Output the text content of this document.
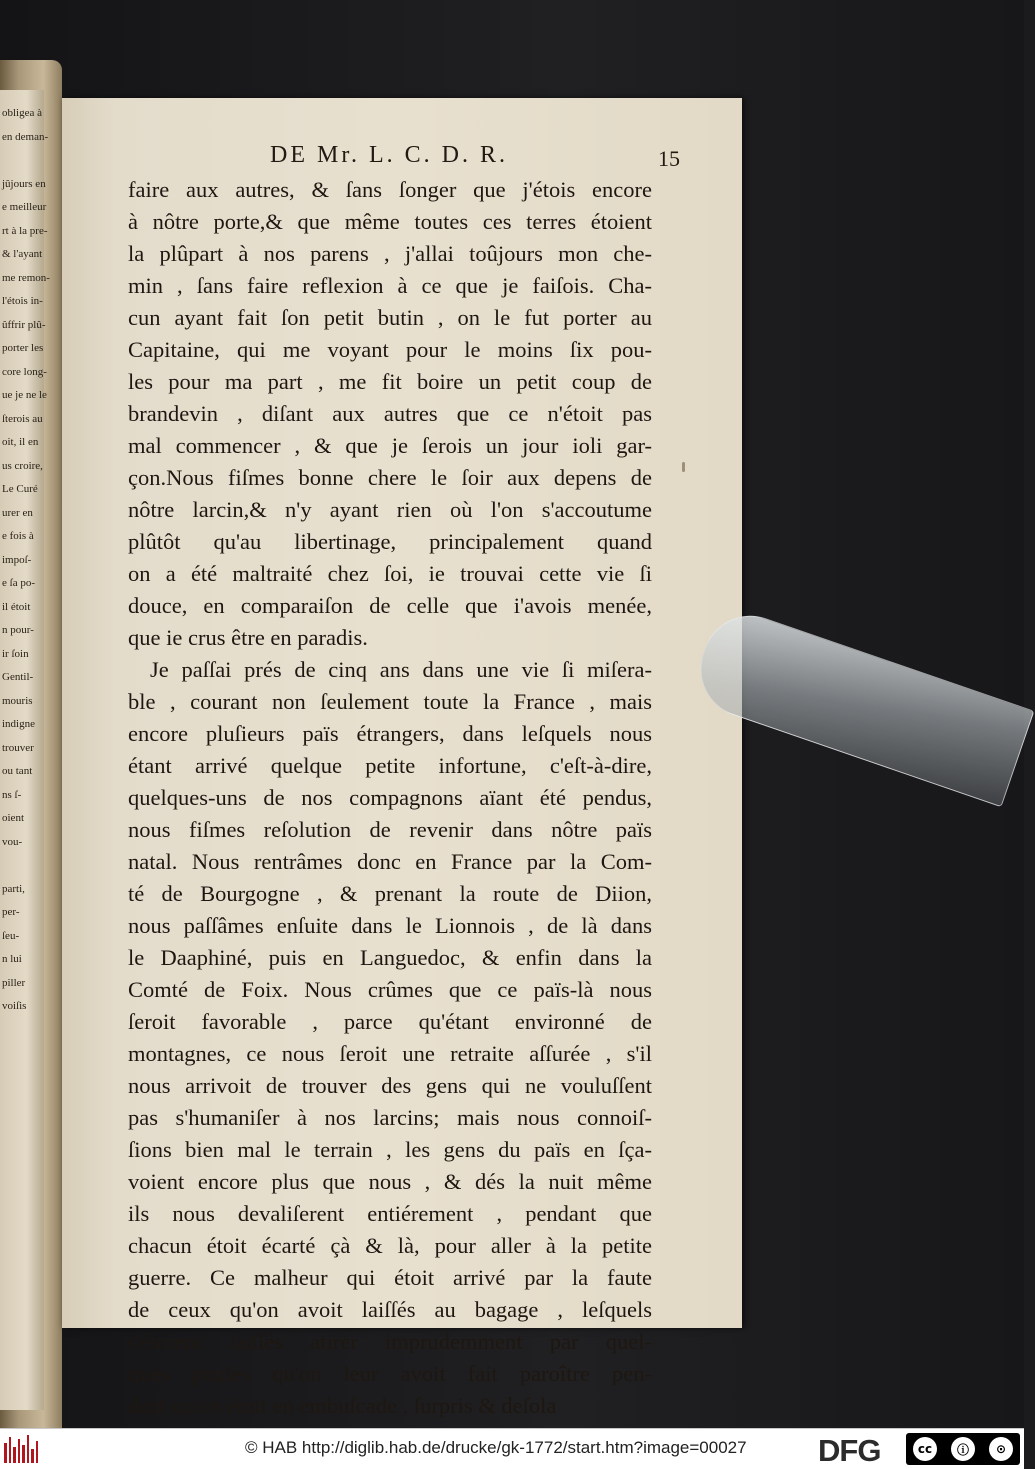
obligea à
en deman-
jûjours en
e meilleur
rt à la pre-
& l'ayant
me remon-
l'étois in-
ûffrir plû-
porter les
core long-
ue je ne le
ſterois au
oit, il en
us croire,
Le Curé
urer en
e fois à
impoſ-
e ſa po-
il étoit
n pour-
ir ſoin
Gentil-
mouris
indigne
trouver
ou tant
ns ſ-
oient
vou-
parti,
per-
ſeu-
n lui
piller
voiſis
DE Mr. L. C. D. R.	15
faire aux autres, & ſans ſonger que j'étois encore
à nôtre porte,& que même toutes ces terres étoient
la plûpart à nos parens , j'allai toûjours mon che-
min , ſans faire reflexion à ce que je faiſois. Cha-
cun ayant fait ſon petit butin , on le fut porter au
Capitaine, qui me voyant pour le moins ſix pou-
les pour ma part , me fit boire un petit coup de
brandevin , diſant aux autres que ce n'étoit pas
mal commencer , & que je ſerois un jour ioli gar-
çon.Nous fiſmes bonne chere le ſoir aux depens de
nôtre larcin,& n'y ayant rien où l'on s'accoutume
plûtôt qu'au libertinage, principalement quand
on a été maltraité chez ſoi, ie trouvai cette vie ſi
douce, en comparaiſon de celle que i'avois menée,
que ie crus être en paradis.
Je paſſai prés de cinq ans dans une vie ſi miſera-
ble , courant non ſeulement toute la France , mais
encore pluſieurs païs étrangers, dans leſquels nous
étant arrivé quelque petite infortune, c'eſt-à-dire,
quelques-uns de nos compagnons aïant été pendus,
nous fiſmes reſolution de revenir dans nôtre païs
natal. Nous rentrâmes donc en France par la Com-
té de Bourgogne , & prenant la route de Diion,
nous paſſâmes enſuite dans le Lionnois , de là dans
le Daaphiné, puis en Languedoc, & enfin dans la
Comté de Foix. Nous crûmes que ce païs-là nous
ſeroit favorable , parce qu'étant environné de
montagnes, ce nous ſeroit une retraite aſſurée , s'il
nous arrivoit de trouver des gens qui ne vouluſſent
pas s'humaniſer à nos larcins; mais nous connoiſ-
ſions bien mal le terrain , les gens du païs en ſça-
voient encore plus que nous , & dés la nuit même
ils nous devaliſerent entiérement , pendant que
chacun étoit écarté çà & là, pour aller à la petite
guerre. Ce malheur qui étoit arrivé par la faute
de ceux qu'on avoit laiſſés au bagage , leſquels
s'étoient laiſſés atirer imprudemment par quel-
ques poules qu'on leur avoit fait paroître pen-
dant qu'on étoit en embuſcade , ſurpris & deſola
© HAB http://diglib.hab.de/drucke/gk-1772/start.htm?image=00027 DFG	cc	ⓘ	⊙
